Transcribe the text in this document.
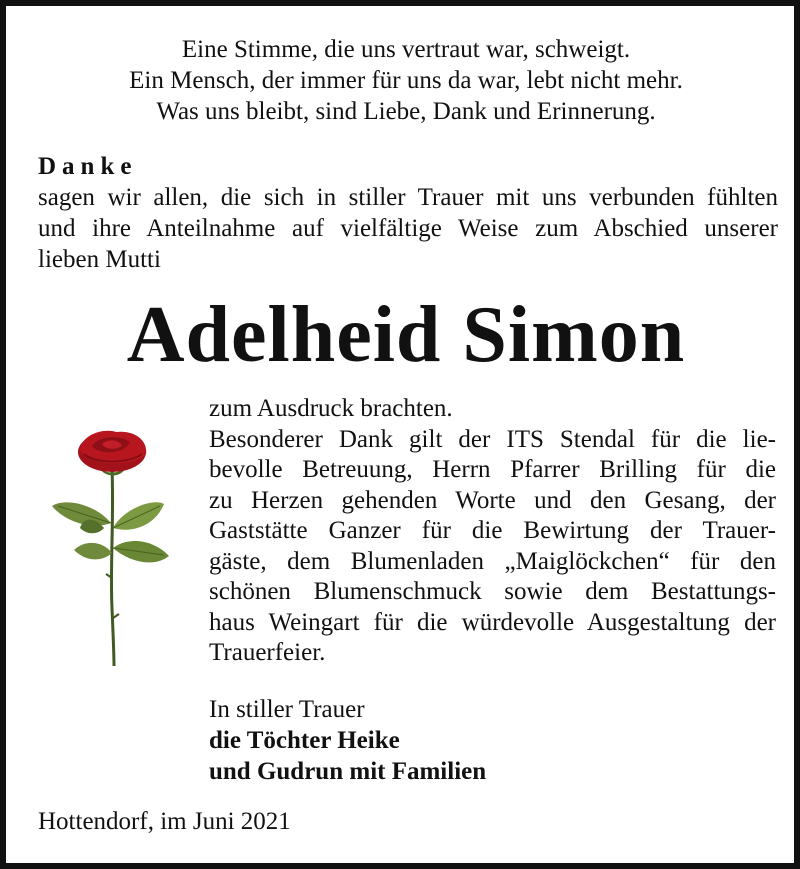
Eine Stimme, die uns vertraut war, schweigt.
Ein Mensch, der immer für uns da war, lebt nicht mehr.
Was uns bleibt, sind Liebe, Dank und Erinnerung.
Danke
sagen wir allen, die sich in stiller Trauer mit uns verbunden fühlten
und ihre Anteilnahme auf vielfältige Weise zum Abschied unserer
lieben Mutti
Adelheid Simon
zum Ausdruck brachten.
Besonderer Dank gilt der ITS Stendal für die lie-
bevolle Betreuung, Herrn Pfarrer Brilling für die
zu Herzen gehenden Worte und den Gesang, der
Gaststätte Ganzer für die Bewirtung der Trauer-
gäste, dem Blumenladen „Maiglöckchen“ für den
schönen Blumenschmuck sowie dem Bestattungs-
haus Weingart für die würdevolle Ausgestaltung der
Trauerfeier.
In stiller Trauer
die Töchter Heike
und Gudrun mit Familien
Hottendorf, im Juni 2021
